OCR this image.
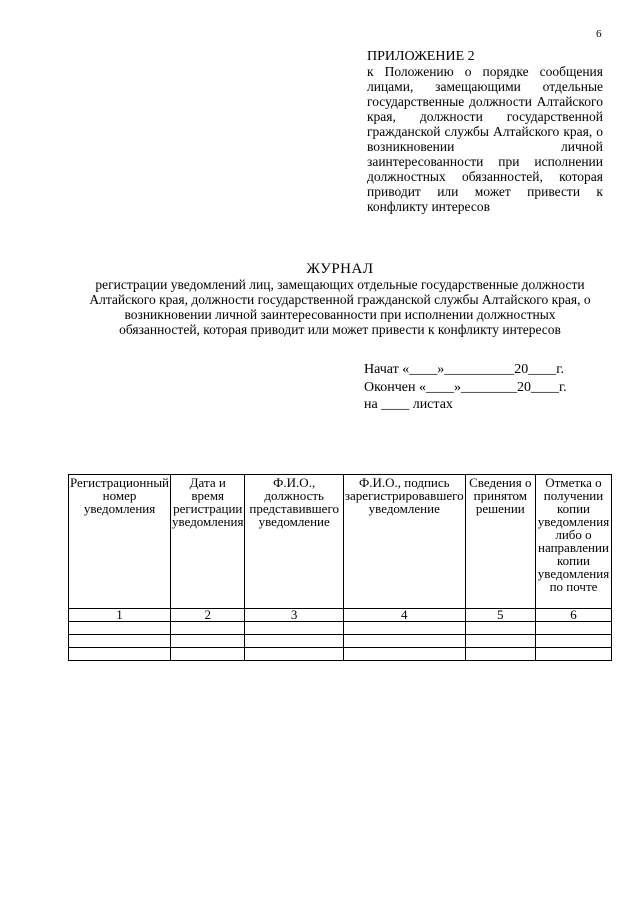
6
ПРИЛОЖЕНИЕ 2
к Положению о порядке сообщения лицами, замещающими отдельные государственные должности Алтайского края, должности государственной гражданской службы Алтайского края, о возникновении личной заинтересованности при исполнении должностных обязанностей, которая приводит или может привести к конфликту интересов
ЖУРНАЛ
регистрации уведомлений лиц, замещающих отдельные государственные должности Алтайского края, должности государственной гражданской службы Алтайского края, о возникновении личной заинтересованности при исполнении должностных обязанностей, которая приводит или может привести к конфликту интересов
Начат «____»__________20____г.
Окончен «____»________20____г.
на ____ листах
Регистрационный номер уведомления	Дата и время регистрации уведомления	Ф.И.О., должность представившего уведомление	Ф.И.О., подпись зарегистрировавшего уведомление	Сведения о принятом решении	Отметка о получении копии уведомления либо о направлении копии уведомления по почте
1	2	3	4	5	6
